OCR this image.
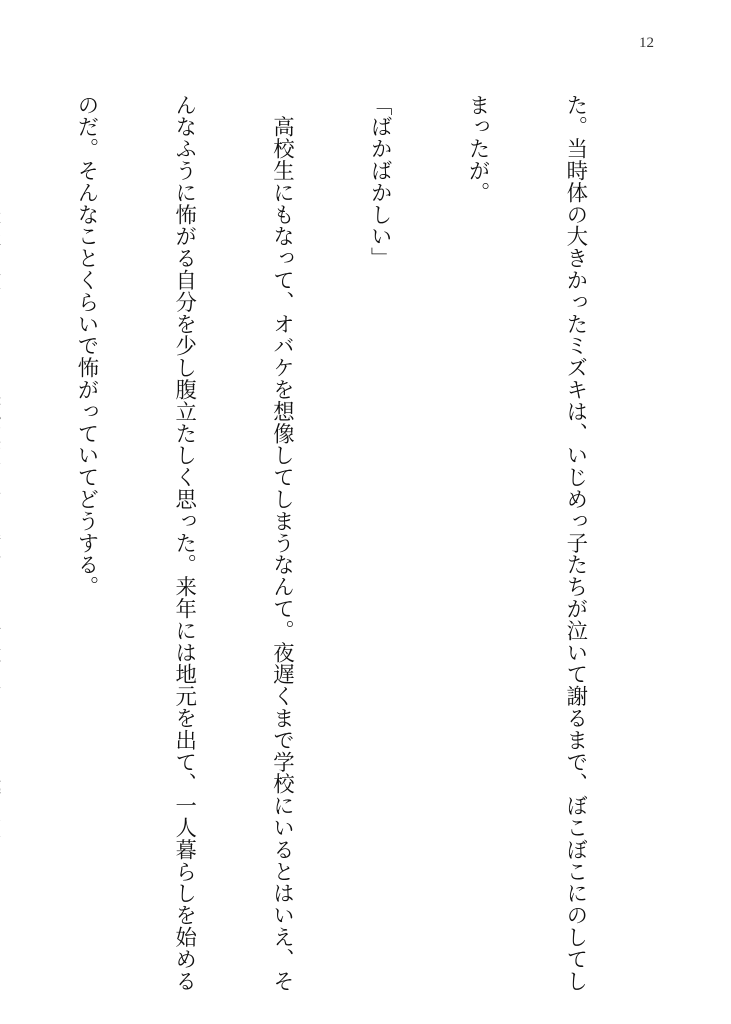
12

た。当時体の大きかったミズキは、いじめっ子たちが泣いて謝るまで、ぼこぼこにのしてし

まったが。

「ばかばかしい」

　高校生にもなって、オバケを想像してしまうなんて。夜遅くまで学校にいるとはいえ、そ

んなふうに怖がる自分を少し腹立たしく思った。来年には地元を出て、一人暮らしを始める

のだ。そんなことくらいで怖がっていてどうする。
